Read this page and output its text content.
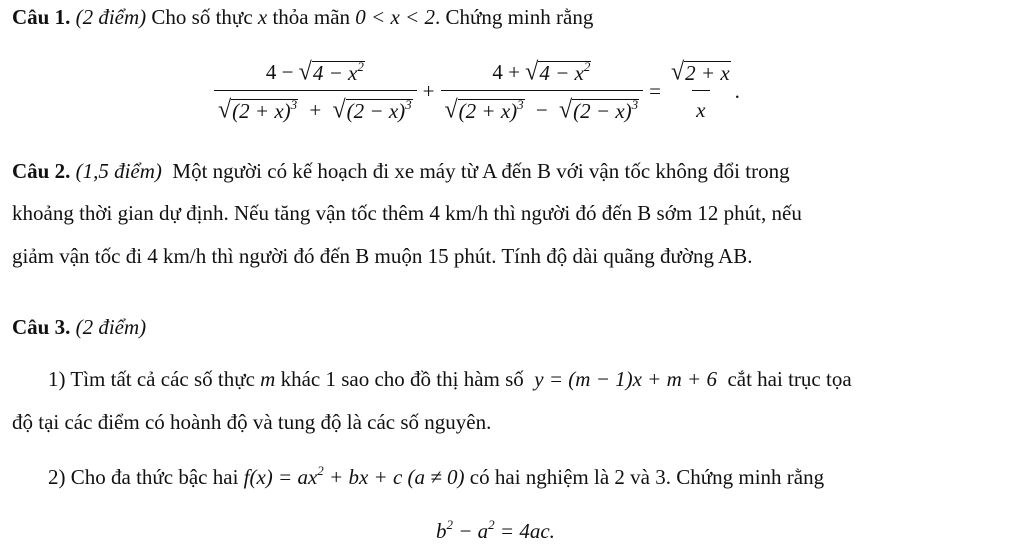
Câu 1. (2 điểm) Cho số thực x thỏa mãn 0 < x < 2. Chứng minh rằng
$\frac{4 - √ 4 - x^2}{√ (2 + x)^3 + √ (2 - x)^3} + \frac{4 + √ 4 - x^2}{√ (2 + x)^3 - √ (2 - x)^3} = \frac{√ 2 + x}{x}$ .
Câu 2. (1,5 điểm) Một người có kế hoạch đi xe máy từ A đến B với vận tốc không đổi trong
khoảng thời gian dự định. Nếu tăng vận tốc thêm 4 km/h thì người đó đến B sớm 12 phút, nếu
giảm vận tốc đi 4 km/h thì người đó đến B muộn 15 phút. Tính độ dài quãng đường AB.
Câu 3. (2 điểm)
1) Tìm tất cả các số thực m khác 1 sao cho đồ thị hàm số y = (m − 1)x + m + 6 cắt hai trục tọa
độ tại các điểm có hoành độ và tung độ là các số nguyên.
2) Cho đa thức bậc hai $f(x) = ax^2$ + bx + c (a ≠ 0) có hai nghiệm là 2 và 3. Chứng minh rằng
$b^2 - a^2 = 4ac$.
